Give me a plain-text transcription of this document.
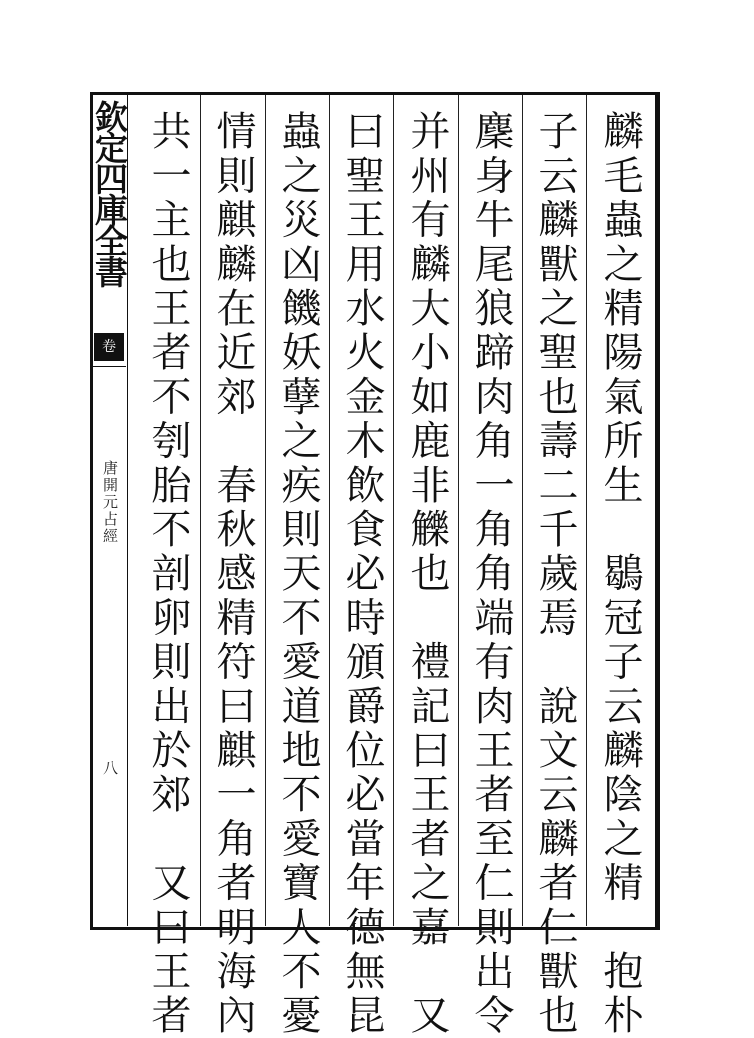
欽定四庫全書
卷
唐開元占經
八	麟毛蟲之精陽氣所生　鶡冠子云麟陰之精　抱朴
子云麟獸之聖也壽二千歲焉　說文云麟者仁獸也
麇身牛尾狼蹄肉角一角角端有肉王者至仁則出令
并州有麟大小如鹿非觻也　禮記曰王者之嘉　又
曰聖王用水火金木飲食必時頒爵位必當年德無昆
蟲之災凶饑妖孽之疾則天不愛道地不愛寶人不憂
情則麒麟在近郊　春秋感精符曰麒一角者明海內
共一主也王者不刳胎不剖卵則出於郊　又曰王者
